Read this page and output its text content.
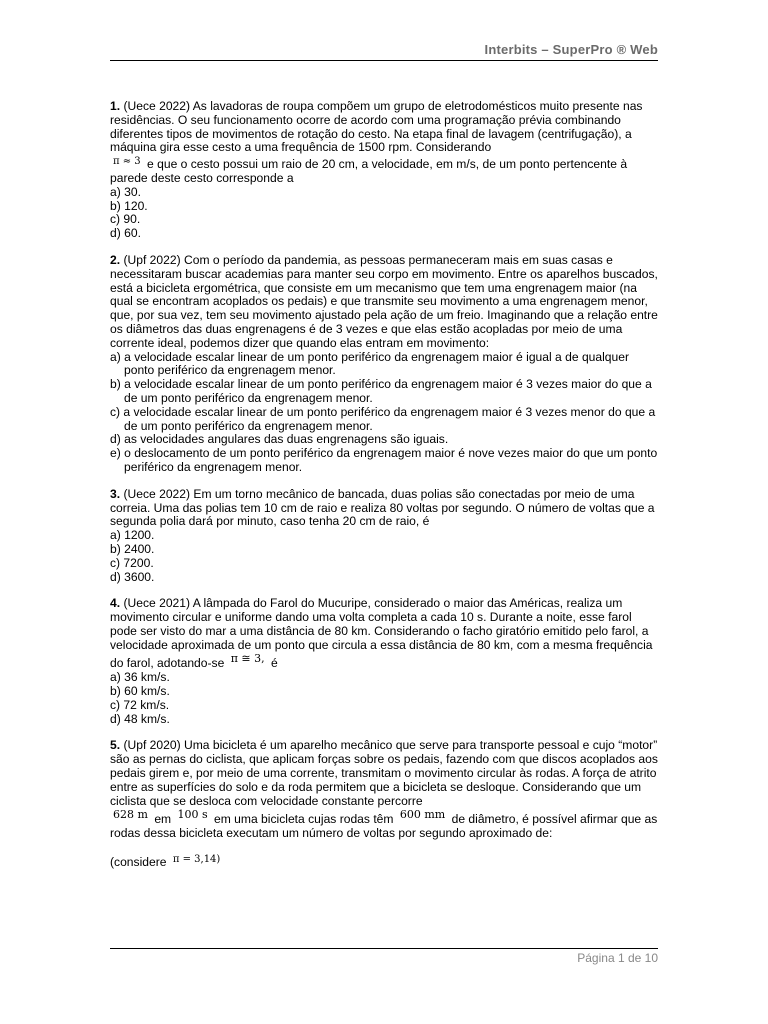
Interbits – SuperPro ® Web
1. (Uece 2022) As lavadoras de roupa compõem um grupo de eletrodomésticos muito presente nas residências. O seu funcionamento ocorre de acordo com uma programação prévia combinando diferentes tipos de movimentos de rotação do cesto. Na etapa final de lavagem (centrifugação), a máquina gira esse cesto a uma frequência de 1500 rpm. Considerando
π ≈ 3 e que o cesto possui um raio de 20 cm, a velocidade, em m/s, de um ponto pertencente à parede deste cesto corresponde a
a) 30.
b) 120.
c) 90.
d) 60.
2. (Upf 2022) Com o período da pandemia, as pessoas permaneceram mais em suas casas e necessitaram buscar academias para manter seu corpo em movimento. Entre os aparelhos buscados, está a bicicleta ergométrica, que consiste em um mecanismo que tem uma engrenagem maior (na qual se encontram acoplados os pedais) e que transmite seu movimento a uma engrenagem menor, que, por sua vez, tem seu movimento ajustado pela ação de um freio. Imaginando que a relação entre os diâmetros das duas engrenagens é de 3 vezes e que elas estão acopladas por meio de uma corrente ideal, podemos dizer que quando elas entram em movimento:
a) a velocidade escalar linear de um ponto periférico da engrenagem maior é igual a de qualquer ponto periférico da engrenagem menor.
b) a velocidade escalar linear de um ponto periférico da engrenagem maior é 3 vezes maior do que a de um ponto periférico da engrenagem menor.
c) a velocidade escalar linear de um ponto periférico da engrenagem maior é 3 vezes menor do que a de um ponto periférico da engrenagem menor.
d) as velocidades angulares das duas engrenagens são iguais.
e) o deslocamento de um ponto periférico da engrenagem maior é nove vezes maior do que um ponto periférico da engrenagem menor.
3. (Uece 2022) Em um torno mecânico de bancada, duas polias são conectadas por meio de uma correia. Uma das polias tem 10 cm de raio e realiza 80 voltas por segundo. O número de voltas que a segunda polia dará por minuto, caso tenha 20 cm de raio, é
a) 1200.
b) 2400.
c) 7200.
d) 3600.
4. (Uece 2021) A lâmpada do Farol do Mucuripe, considerado o maior das Américas, realiza um movimento circular e uniforme dando uma volta completa a cada 10 s. Durante a noite, esse farol pode ser visto do mar a uma distância de 80 km. Considerando o facho giratório emitido pelo farol, a velocidade aproximada de um ponto que circula a essa distância de 80 km, com a mesma frequência do farol, adotando-se π ≅ 3, é
a) 36 km/s.
b) 60 km/s.
c) 72 km/s.
d) 48 km/s.
5. (Upf 2020) Uma bicicleta é um aparelho mecânico que serve para transporte pessoal e cujo “motor” são as pernas do ciclista, que aplicam forças sobre os pedais, fazendo com que discos acoplados aos pedais girem e, por meio de uma corrente, transmitam o movimento circular às rodas. A força de atrito entre as superfícies do solo e da roda permitem que a bicicleta se desloque. Considerando que um ciclista que se desloca com velocidade constante percorre
628 m em 100 s em uma bicicleta cujas rodas têm 600 mm de diâmetro, é possível afirmar que as rodas dessa bicicleta executam um número de voltas por segundo aproximado de:
(considere π = 3,14)
Página 1 de 10
